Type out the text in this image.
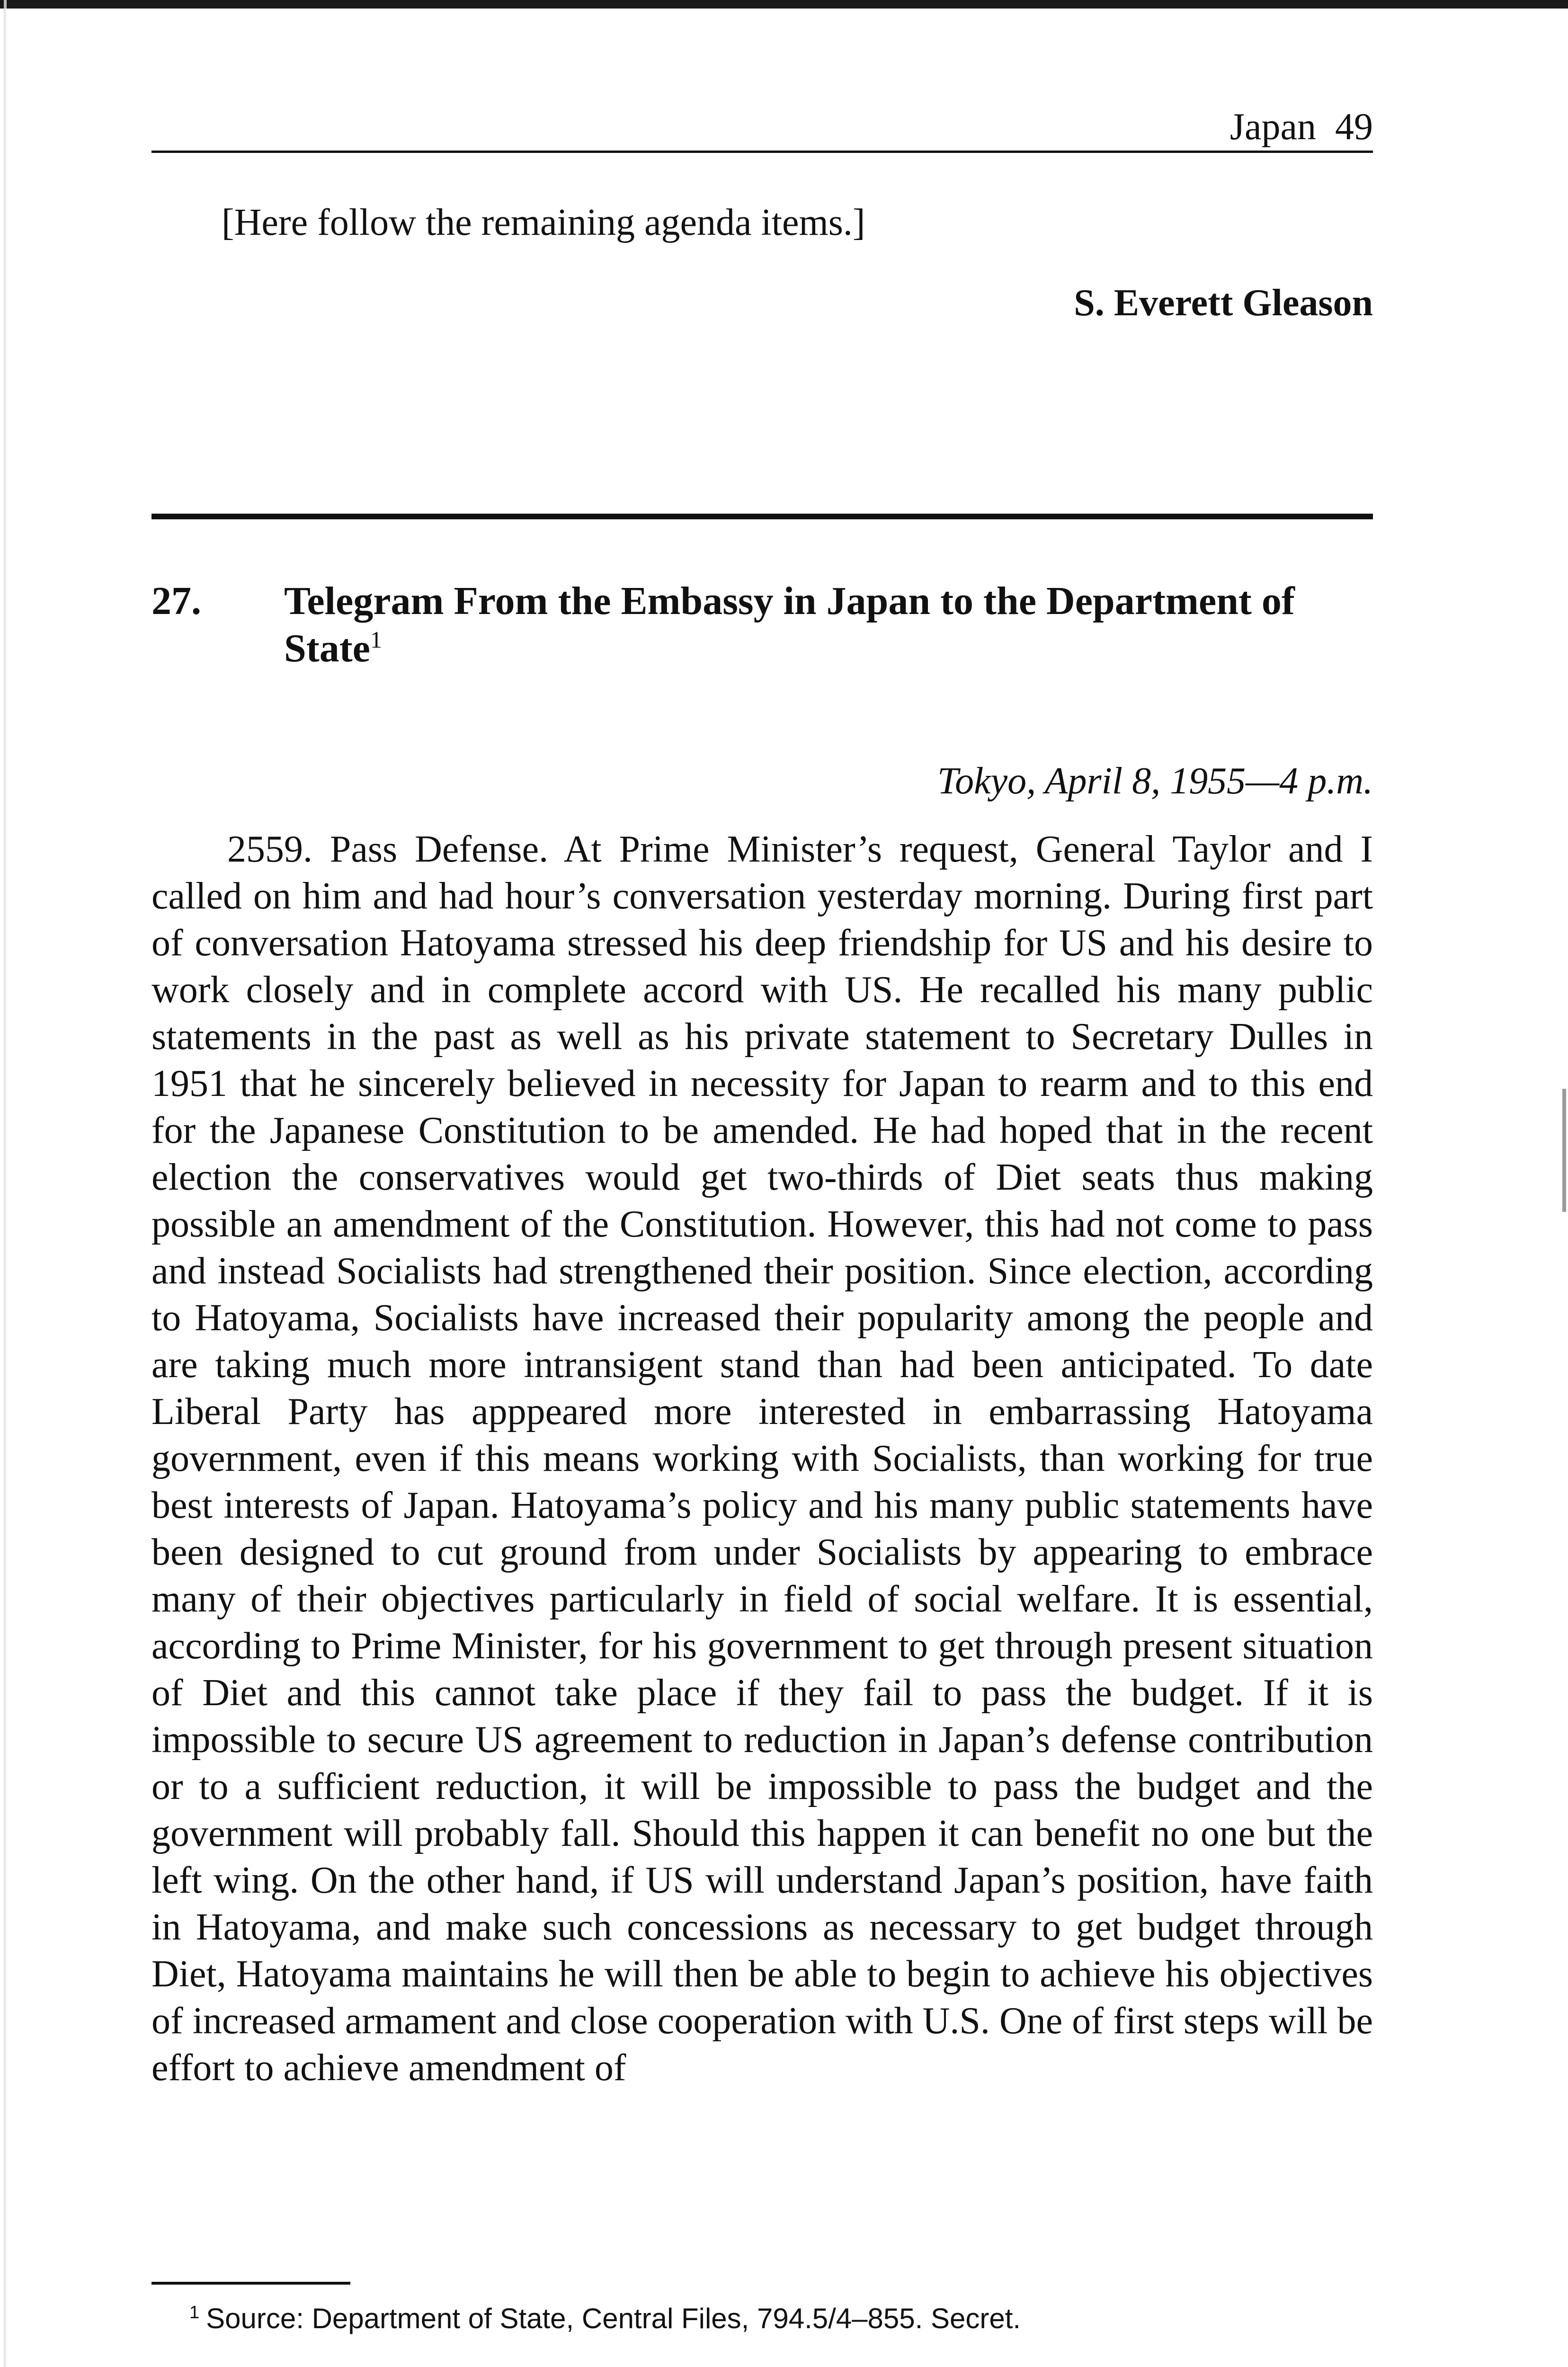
Japan 49
[Here follow the remaining agenda items.]
S. Everett Gleason
27. Telegram From the Embassy in Japan to the Department of State$^1$
Tokyo, April 8, 1955—4 p.m.
2559. Pass Defense. At Prime Minister’s request, General Taylor and I called on him and had hour’s conversation yesterday morning. During first part of conversation Hatoyama stressed his deep friendship for US and his desire to work closely and in complete accord with US. He recalled his many public statements in the past as well as his private statement to Secretary Dulles in 1951 that he sincerely believed in necessity for Japan to rearm and to this end for the Japanese Constitution to be amended. He had hoped that in the recent election the conservatives would get two-thirds of Diet seats thus making possible an amendment of the Constitution. However, this had not come to pass and instead Socialists had strengthened their position. Since election, according to Hatoyama, Socialists have increased their popularity among the people and are taking much more intransigent stand than had been anticipated. To date Liberal Party has apppeared more interested in embarrassing Hatoyama government, even if this means working with Socialists, than working for true best interests of Japan. Hatoyama’s policy and his many public statements have been designed to cut ground from under Socialists by appearing to embrace many of their objectives particularly in field of social welfare. It is essential, according to Prime Minister, for his government to get through present situation of Diet and this cannot take place if they fail to pass the budget. If it is impossible to secure US agreement to reduction in Japan’s defense contribution or to a sufficient reduction, it will be impossible to pass the budget and the government will probably fall. Should this happen it can benefit no one but the left wing. On the other hand, if US will understand Japan’s position, have faith in Hatoyama, and make such concessions as necessary to get budget through Diet, Hatoyama maintains he will then be able to begin to achieve his objectives of increased armament and close cooperation with U.S. One of first steps will be effort to achieve amendment of
$^1$ Source: Department of State, Central Files, 794.5/4–855. Secret.
